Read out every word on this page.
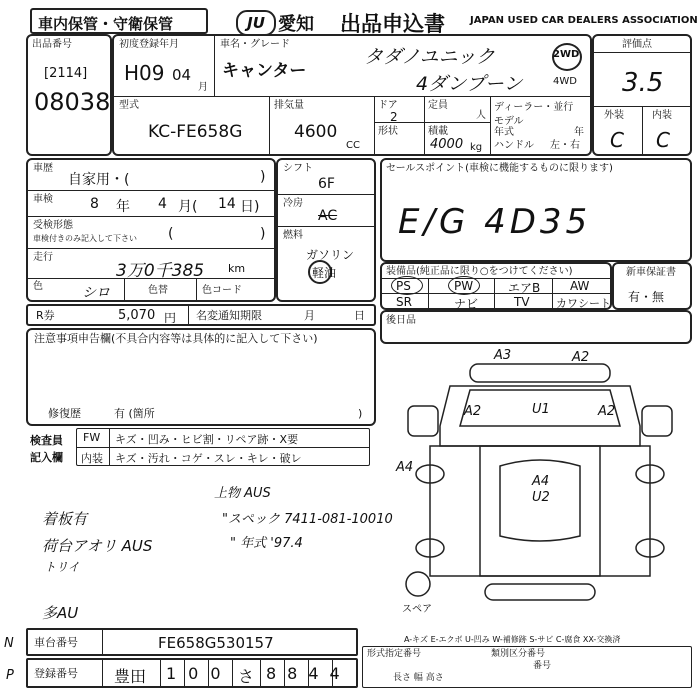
車内保管・守衛保管	JU 愛知 出品申込書	JAPAN USED CAR DEALERS ASSOCIATION
出品番号
[2114]
08038
初度登録年月
H09 04
月
車名・グレード
キャンター
タダノユニック
4ダンプーン
型式
KC-FE658G
排気量
4600
CC
ドア
2
定員
人
形状	積載
4000 kg
ディーラー・並行
モデル
年式	年
ハンドル 左・右
2WD
4WD
評価点
3.5
外装	内装
C C
車歴
自家用・(	)
車検	8 年 4 月( 14 日)
受検形態
車検付きのみ記入して下さい (	)
走行
3万0千385 km
色	シロ	色替	色コード
シフト
6F
冷房
AC
燃料
ガソリン
軽油
セールスポイント(車検に機能するものに限ります)
E/G 4D35
装備品(純正品に限り○をつけてください)
PS	PW	エアB AW
SR	ナビ	TV カワシート
新車保証書
有・無
R券	5,070 円 名変通知期限	月	日 後日品
注意事項申告欄(不具合内容等は具体的に記入して下さい)
修復歴	有 (箇所	)
検査員
記入欄
FW キズ・凹み・ヒビ割・リペア跡・X要
内装 キズ・汚れ・コゲ・スレ・キレ・破レ
上物 AUS
着板有	"スペック 7411-081-10010
荷台アオリ AUS	" 年式 '97.4
トリイ
多AU
A3	A2
A2	U1	A2
A4
A4
U2
スペア
A-キズ E-エクボ U-凹み W-補修跡 S-サビ C-腐食 XX-交換済
車台番号	FE658G530157
登録番号 豊田 100 さ 8844
形式指定番号	類別区分番号
番号
長さ 幅 高さ
N
P
